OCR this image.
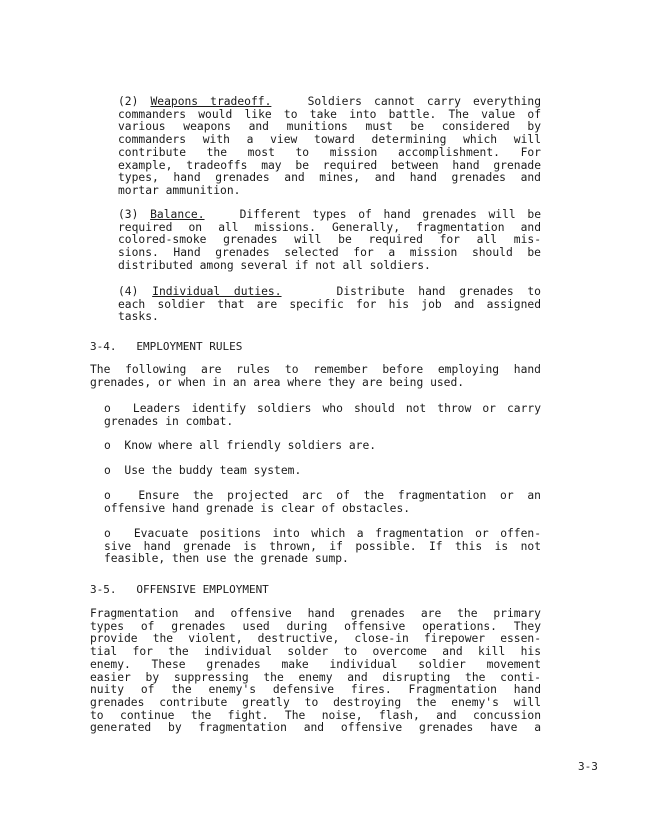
(2) Weapons tradeoff.	Soldiers cannot carry everything
commanders would like to take into battle. The value of
various weapons and munitions must be considered by
commanders with a view toward determining which will
contribute the most to mission accomplishment. For
example, tradeoffs may be required between hand grenade
types, hand grenades and mines, and hand grenades and
mortar ammunition.
(3) Balance.	Different types of hand grenades will be
required on all missions. Generally, fragmentation and
colored-smoke grenades will be required for all mis-
sions. Hand grenades selected for a mission should be
distributed among several if not all soldiers.
(4) Individual duties.	Distribute hand grenades to
each soldier that are specific for his job and assigned
tasks.
3-4.   EMPLOYMENT RULES
The following are rules to remember before employing hand
grenades, or when in an area where they are being used.
o Leaders identify soldiers who should not throw or carry
grenades in combat.
o Know where all friendly soldiers are.
o Use the buddy team system.
o Ensure the projected arc of the fragmentation or an
offensive hand grenade is clear of obstacles.
o Evacuate positions into which a fragmentation or offen-
sive hand grenade is thrown, if possible. If this is not
feasible, then use the grenade sump.
3-5.   OFFENSIVE EMPLOYMENT
Fragmentation and offensive hand grenades are the primary
types of grenades used during offensive operations. They
provide the violent, destructive, close-in firepower essen-
tial for the individual solder to overcome and kill his
enemy. These grenades make individual soldier movement
easier by suppressing the enemy and disrupting the conti-
nuity of the enemy's defensive fires. Fragmentation hand
grenades contribute greatly to destroying the enemy's will
to continue the fight. The noise, flash, and concussion
generated by fragmentation and offensive grenades have a
3-3
